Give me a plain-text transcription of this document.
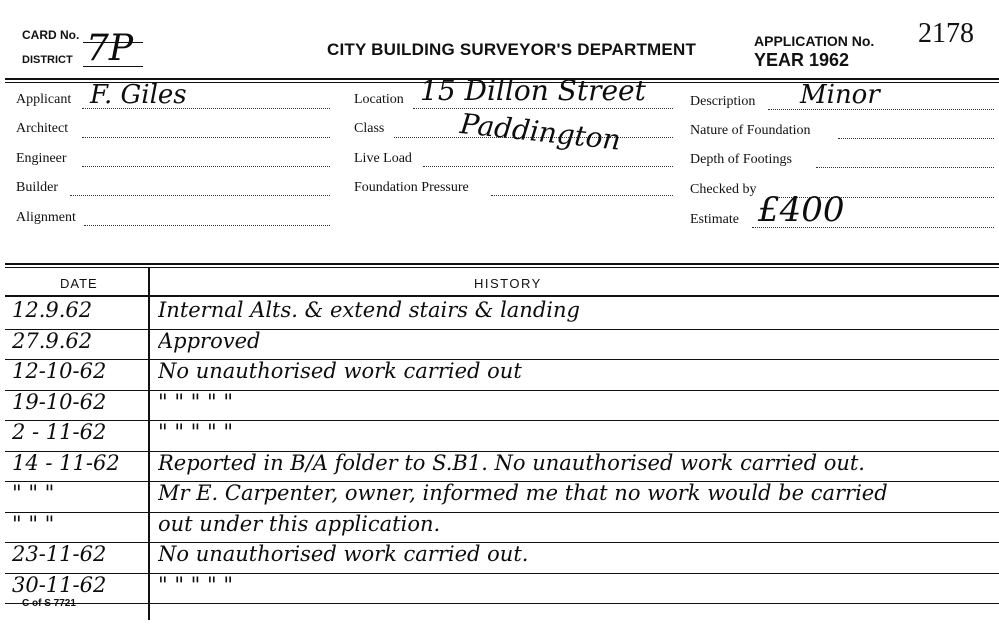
CARD No.
DISTRICT 7P	CITY BUILDING SURVEYOR'S DEPARTMENT	APPLICATION No. 2178
YEAR 1962
Applicant F. Giles
Architect
Engineer
Builder
Alignment
Location 15 Dillon Street
Class	Paddington
Live Load
Foundation Pressure
Description Minor
Nature of Foundation
Depth of Footings
Checked by
Estimate £400
DATE	HISTORY
12.9.62	Internal Alts. & extend stairs & landing
27.9.62	Approved
12-10-62 No unauthorised work carried out
19-10-62 " " " " "
2 - 11-62 " " " " "
14 - 11-62 Reported in B/A folder to S.B1. No unauthorised work carried out.
" " "	Mr E. Carpenter, owner, informed me that no work would be carried
" " "	out under this application.
23-11-62 No unauthorised work carried out.
30-11-62 " " " " "
C of S 7721
